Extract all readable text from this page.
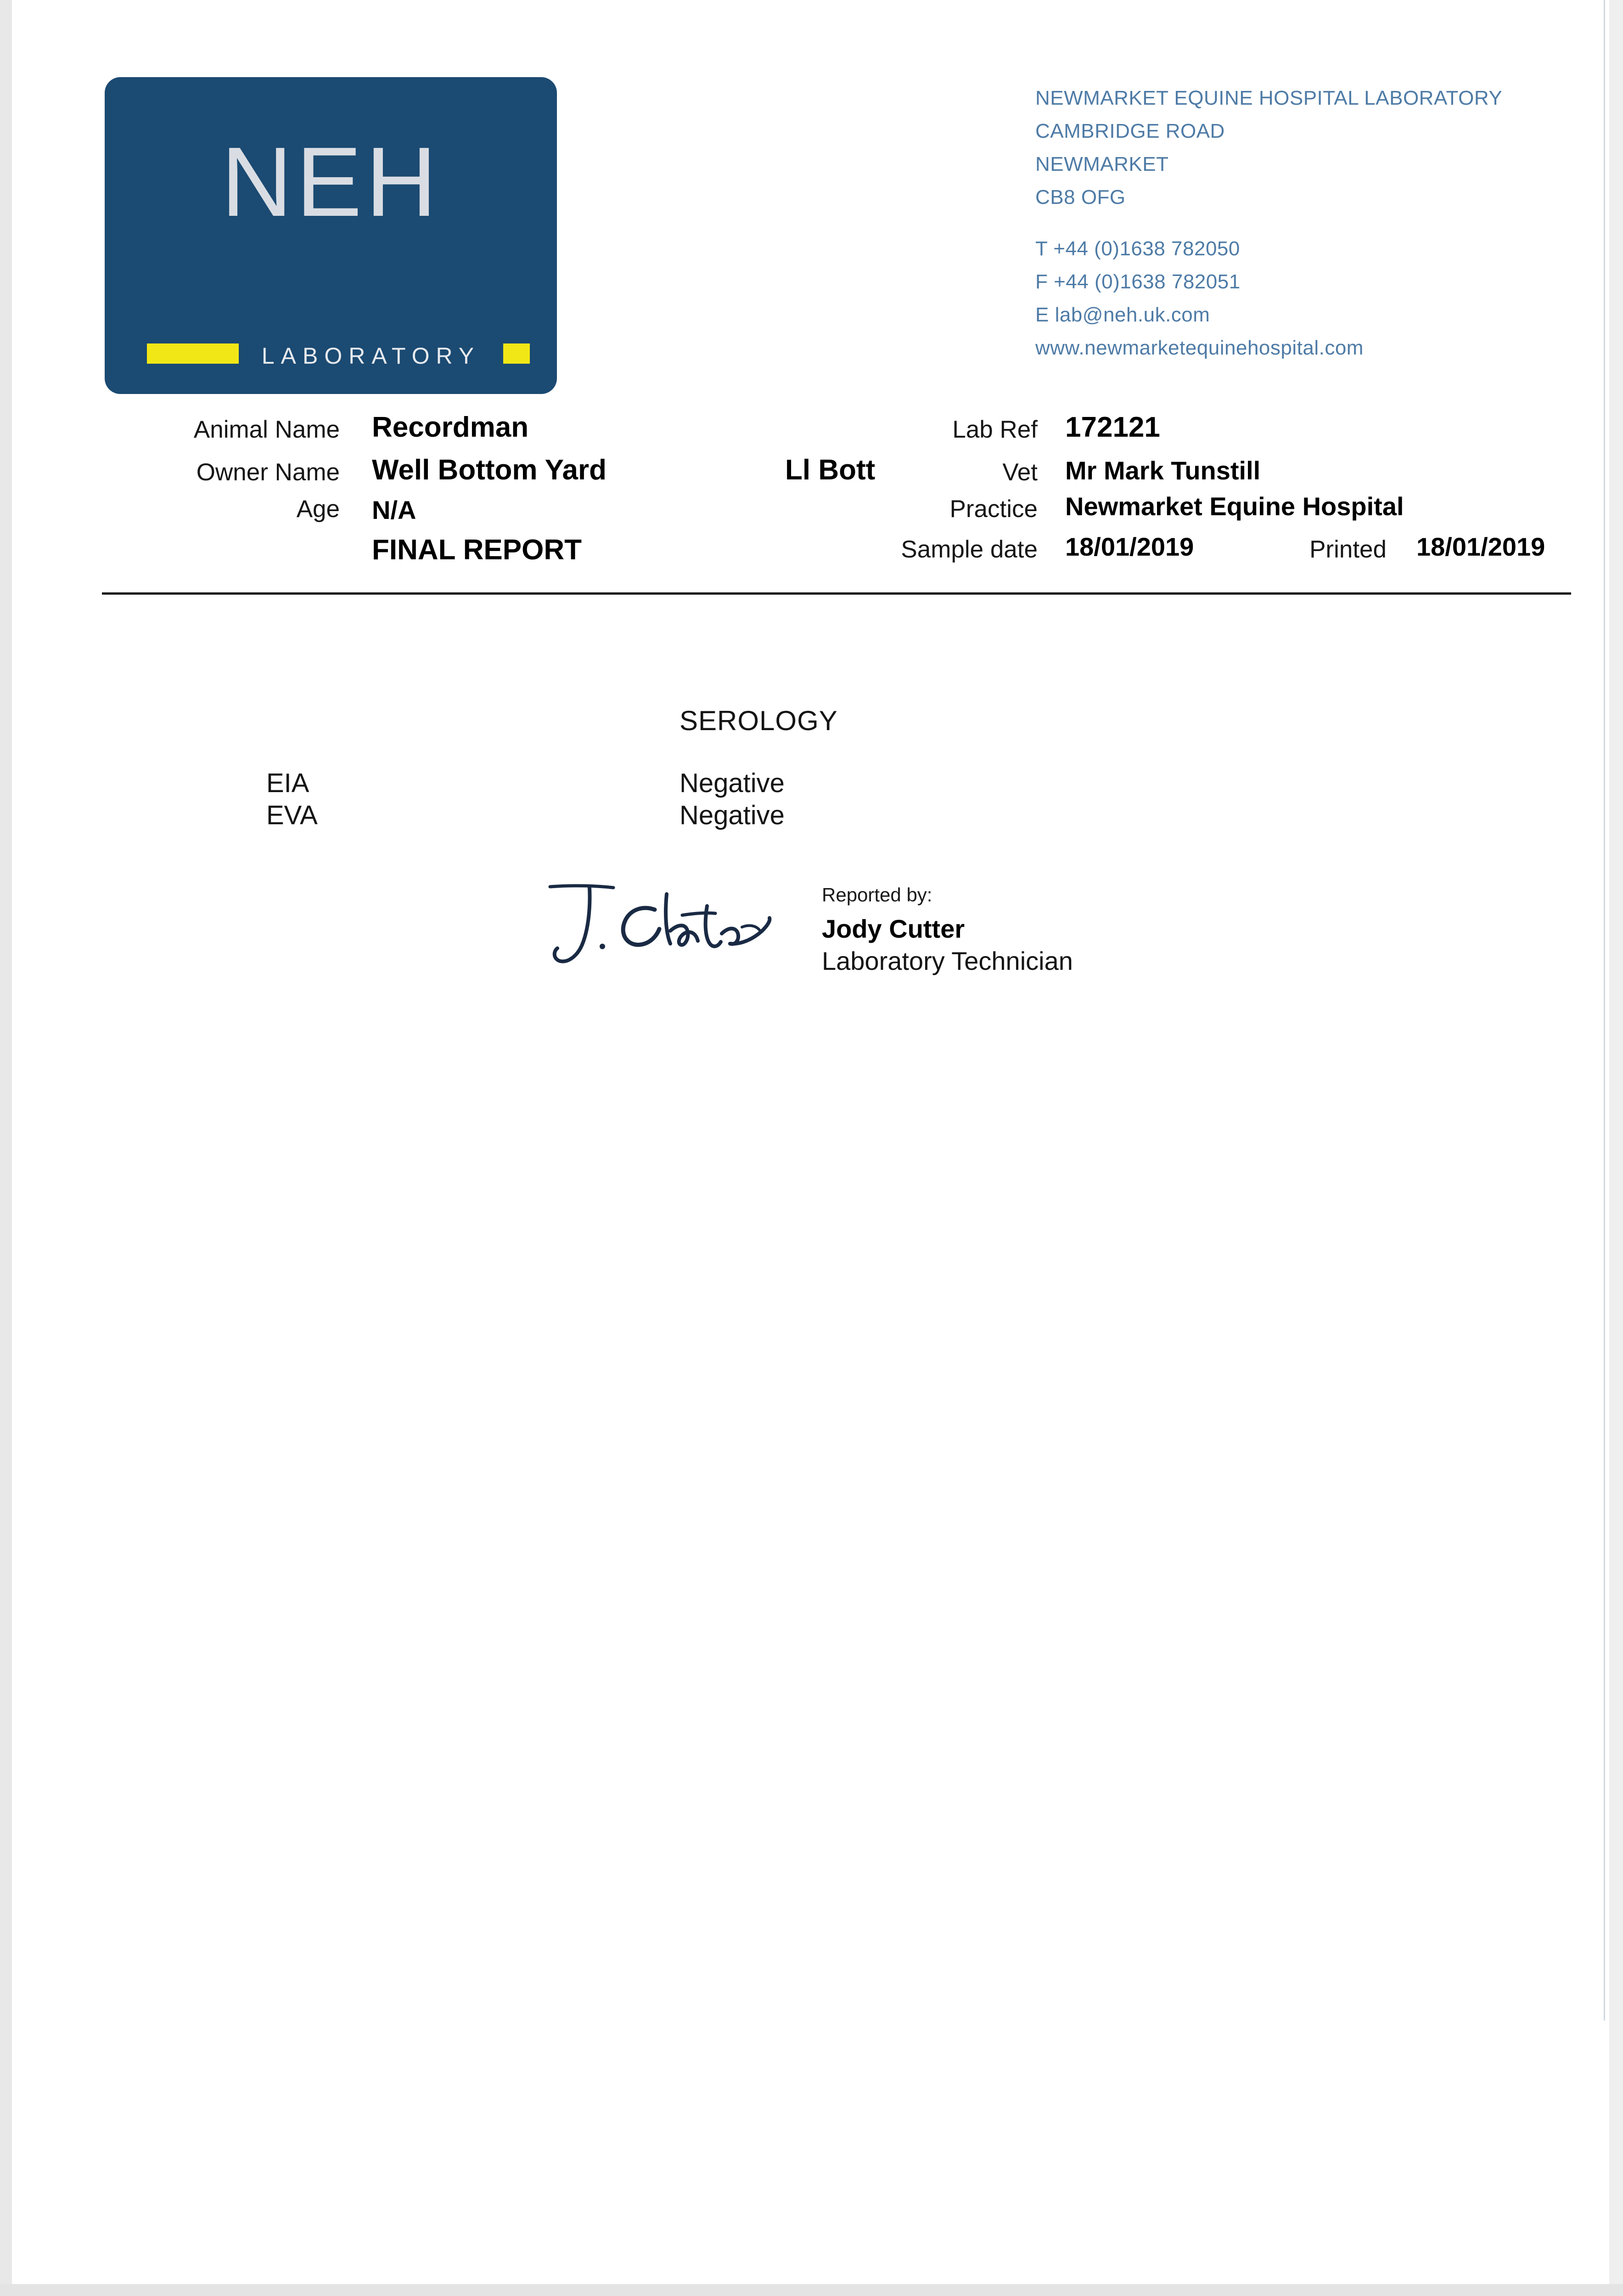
NEH
LABORATORY
NEWMARKET EQUINE HOSPITAL LABORATORY
CAMBRIDGE ROAD
NEWMARKET
CB8 OFG
T +44 (0)1638 782050
F +44 (0)1638 782051
E lab@neh.uk.com
www.newmarketequinehospital.com
Animal Name Recordman
Owner Name Well Bottom Yard
Age N/A
FINAL REPORT
Ll Bott
Lab Ref 172121
Vet Mr Mark Tunstill
Practice Newmarket Equine Hospital
Sample date 18/01/2019	Printed 18/01/2019
SEROLOGY
EIA	Negative
EVA	Negative
Reported by:
Jody Cutter
Laboratory Technician
